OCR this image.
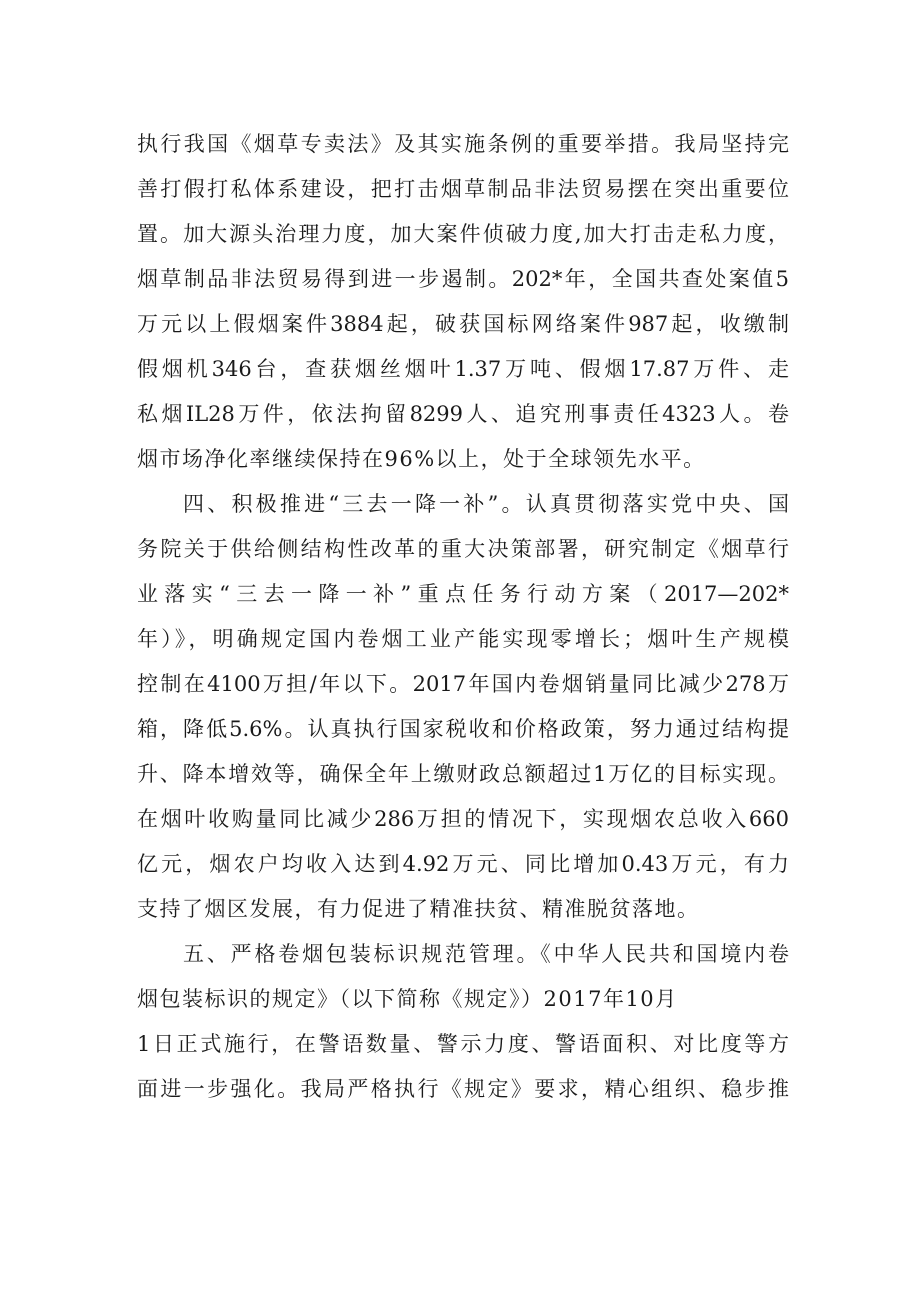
执行我国《烟草专卖法》及其实施条例的重要举措。我局坚持完
善打假打私体系建设，把打击烟草制品非法贸易摆在突出重要位
置。加大源头治理力度，加大案件侦破力度,加大打击走私力度，
烟草制品非法贸易得到进一步遏制。202*年，全国共查处案值5
万元以上假烟案件3884起，破获国标网络案件987起，收缴制
假烟机346台，查获烟丝烟叶1.37万吨、假烟17.87万件、走
私烟IL28万件，依法拘留8299人、追究刑事责任4323人。卷
烟市场净化率继续保持在96%以上，处于全球领先水平。
四、积极推进“三去一降一补”。认真贯彻落实党中央、国
务院关于供给侧结构性改革的重大决策部署，研究制定《烟草行
业落实“三去一降一补”重点任务行动方案（2017—202*
年）》，明确规定国内卷烟工业产能实现零增长；烟叶生产规模
控制在4100万担/年以下。2017年国内卷烟销量同比减少278万
箱，降低5.6%。认真执行国家税收和价格政策，努力通过结构提
升、降本增效等，确保全年上缴财政总额超过1万亿的目标实现。
在烟叶收购量同比减少286万担的情况下，实现烟农总收入660
亿元，烟农户均收入达到4.92万元、同比增加0.43万元，有力
支持了烟区发展，有力促进了精准扶贫、精准脱贫落地。
五、严格卷烟包装标识规范管理。《中华人民共和国境内卷
烟包装标识的规定》（以下简称《规定》）2017年10月
1日正式施行，在警语数量、警示力度、警语面积、对比度等方
面进一步强化。我局严格执行《规定》要求，精心组织、稳步推
